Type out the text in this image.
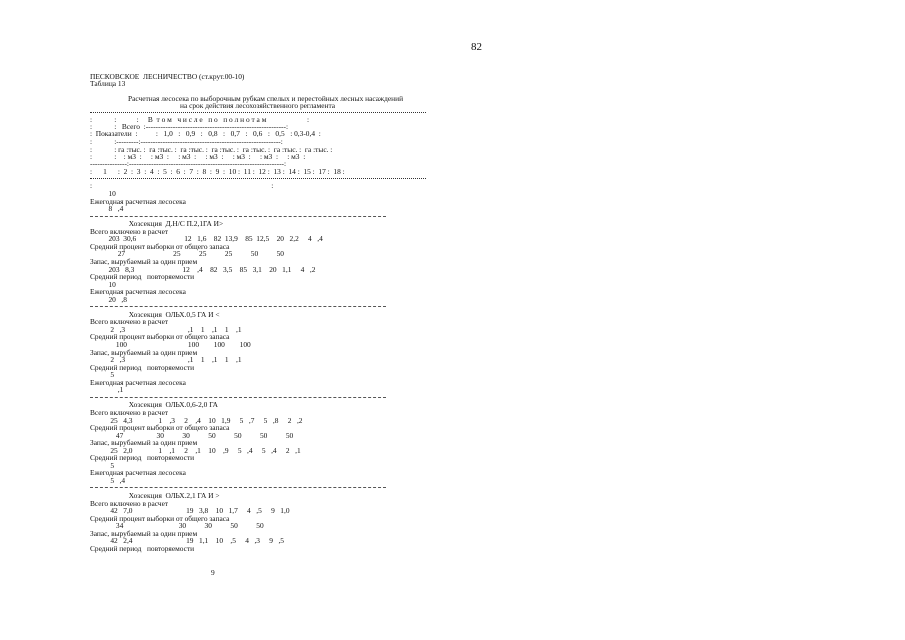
82
ПЕСКОВСКОЕ  ЛЕСНИЧЕСТВО (ст.крут.00-10)
Таблица 13
Расчетная лесосека по выборочным рубкам спелых и перестойных лесных насаждений
на срок действия лесохозяйственного регламента
:            :           :     В  т о м   ч и с л е   п о   п о л н о т а м                      :
:            :   Всего  :---------------------------------------------------------:
:  Показатели  :          :   1,0   :   0,9   :   0,8   :   0,7   :   0,6   :   0,5   : 0,3-0,4  :
:            :---------:---------------------------------------------------------:
:            : га :тыс. :  га :тыс. :  га :тыс. :  га :тыс. :  га :тыс. :  га :тыс. :  га :тыс. :
:            :    : м3  :     : м3  :     : м3  :     : м3  :     : м3  :     : м3  :     : м3  :
---------------:---------------------------------------------------------------:
:      1      :  2  :  3  :  4  :  5  :  6  :  7  :  8  :  9  :  10 :  11 :  12 :  13 :  14 :  15 :  17 :  18 :
:                                                                                                 :
10
Ежегодная расчетная лесосека
8   ,4
Хозсекция  Д.Н/С П.2,1ГА И>
Всего включено в расчет
203  30,6                          12   1,6    82  13,9    85  12,5    20   2,2     4   ,4
Средний процент выборки от общего запаса
27                          25          25          25          50          50
Запас, вырубаемый за один прием
203   8,3                          12    ,4    82   3,5    85   3,1    20   1,1     4   ,2
Средний период   повторяемости
10
Ежегодная расчетная лесосека
20   ,8
Хозсекция  ОЛЬХ.0,5 ГА И <
Всего включено в расчет
2   ,3                                  ,1    1    ,1    1    ,1
Средний процент выборки от общего запаса
100                                 100        100        100
Запас, вырубаемый за один прием
2   ,3                                  ,1    1    ,1    1    ,1
Средний период   повторяемости
5
Ежегодная расчетная лесосека
,1
Хозсекция  ОЛЬХ.0,6-2,0 ГА
Всего включено в расчет
25   4,3              1    ,3     2    ,4    10   1,9     5   ,7     5   ,8     2   ,2
Средний процент выборки от общего запаса
47                  30          30          50          50          50          50
Запас, вырубаемый за один прием
25   2,0              1    ,1     2    ,1    10    ,9     5   ,4     5   ,4     2   ,1
Средний период   повторяемости
5
Ежегодная расчетная лесосека
5   ,4
Хозсекция  ОЛЬХ.2,1 ГА И >
Всего включено в расчет
42   7,0                             19   3,8    10   1,7     4   ,5     9   1,0
Средний процент выборки от общего запаса
34                              30          30          50          50
Запас, вырубаемый за один прием
42   2,4                             19   1,1    10    ,5     4   ,3     9   ,5
Средний период   повторяемости
9
